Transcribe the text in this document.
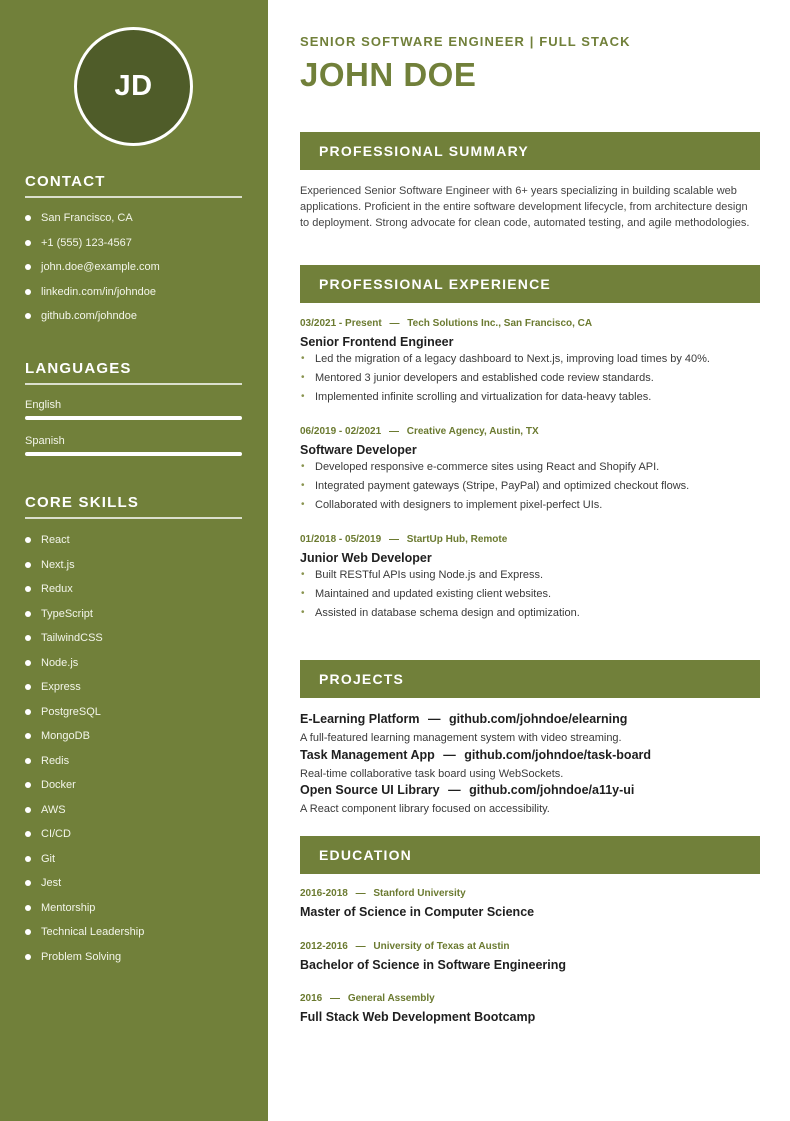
JD
CONTACT
San Francisco, CA
+1 (555) 123-4567
john.doe@example.com
linkedin.com/in/johndoe
github.com/johndoe
LANGUAGES
English
Spanish
CORE SKILLS
React
Next.js
Redux
TypeScript
TailwindCSS
Node.js
Express
PostgreSQL
MongoDB
Redis
Docker
AWS
CI/CD
Git
Jest
Mentorship
Technical Leadership
Problem Solving
SENIOR SOFTWARE ENGINEER | FULL STACK
JOHN DOE
PROFESSIONAL SUMMARY

Experienced Senior Software Engineer with 6+ years specializing in building scalable web applications. Proficient in the entire software development lifecycle, from architecture design to deployment. Strong advocate for clean code, automated testing, and agile methodologies.

PROFESSIONAL EXPERIENCE
03/2021 - Present — Tech Solutions Inc., San Francisco, CA
Senior Frontend Engineer
• Led the migration of a legacy dashboard to Next.js, improving load times by 40%.
• Mentored 3 junior developers and established code review standards.
• Implemented infinite scrolling and virtualization for data-heavy tables.
06/2019 - 02/2021 — Creative Agency, Austin, TX
Software Developer
• Developed responsive e-commerce sites using React and Shopify API.
• Integrated payment gateways (Stripe, PayPal) and optimized checkout flows.
• Collaborated with designers to implement pixel-perfect UIs.
01/2018 - 05/2019 — StartUp Hub, Remote
Junior Web Developer
• Built RESTful APIs using Node.js and Express.
• Maintained and updated existing client websites.
• Assisted in database schema design and optimization.
PROJECTS
E-Learning Platform — github.com/johndoe/elearning
A full-featured learning management system with video streaming.
Task Management App — github.com/johndoe/task-board
Real-time collaborative task board using WebSockets.
Open Source UI Library — github.com/johndoe/a11y-ui
A React component library focused on accessibility.
EDUCATION
2016-2018 — Stanford University
Master of Science in Computer Science
2012-2016 — University of Texas at Austin
Bachelor of Science in Software Engineering
2016 — General Assembly
Full Stack Web Development Bootcamp
